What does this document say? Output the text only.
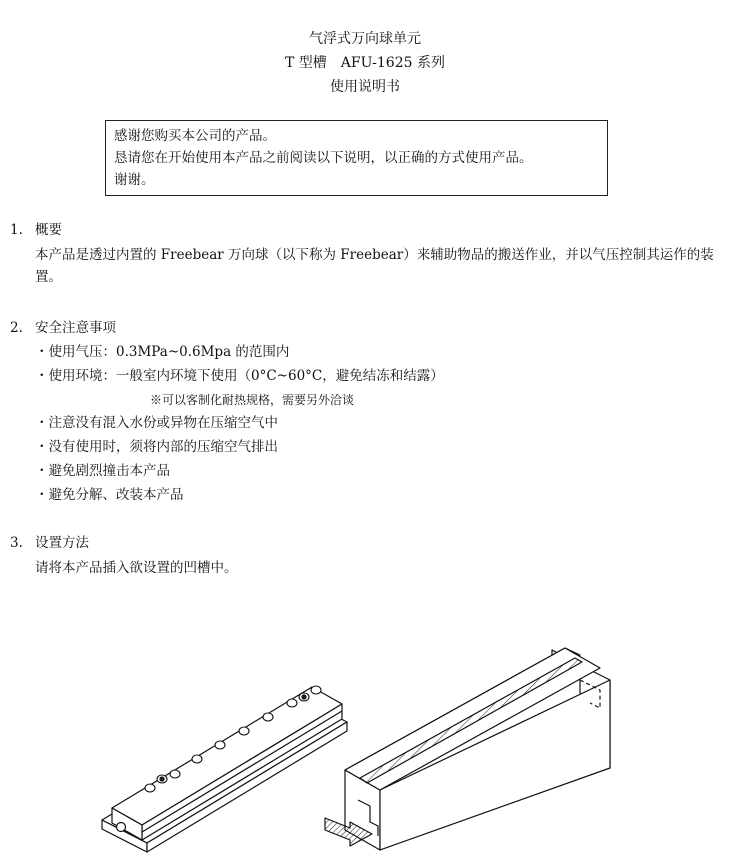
气浮式万向球单元
T 型槽　AFU-1625 系列
使用说明书
感谢您购买本公司的产品。
恳请您在开始使用本产品之前阅读以下说明，以正确的方式使用产品。
谢谢。
1. 概要
本产品是透过内置的 Freebear 万向球（以下称为 Freebear）来辅助物品的搬送作业，并以气压控制其运作的装置。
2. 安全注意事项
・使用气压：0.3MPa~0.6Mpa 的范围内
・使用环境：一般室内环境下使用（0°C~60°C，避免结冻和结露）
※可以客制化耐热规格，需要另外洽谈
・注意没有混入水份或异物在压缩空气中
・没有使用时，须将内部的压缩空气排出
・避免剧烈撞击本产品
・避免分解、改装本产品
3. 设置方法
请将本产品插入欲设置的凹槽中。
